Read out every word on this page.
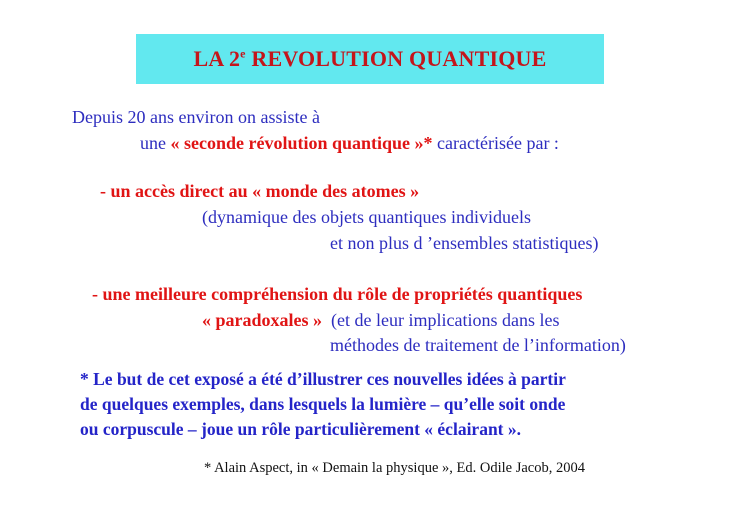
LA 2e REVOLUTION QUANTIQUE
Depuis 20 ans environ on assiste à
une « seconde révolution quantique »* caractérisée par :
- un accès direct au « monde des atomes »
(dynamique des objets quantiques individuels
et non plus d ’ensembles statistiques)
- une meilleure compréhension du rôle de propriétés quantiques
« paradoxales »  (et de leur implications dans les
méthodes de traitement de l’information)
* Le but de cet exposé a été d’illustrer ces nouvelles idées à partir
de quelques exemples, dans lesquels la lumière – qu’elle soit onde
ou corpuscule – joue un rôle particulièrement « éclairant ».
* Alain Aspect, in « Demain la physique », Ed. Odile Jacob, 2004
